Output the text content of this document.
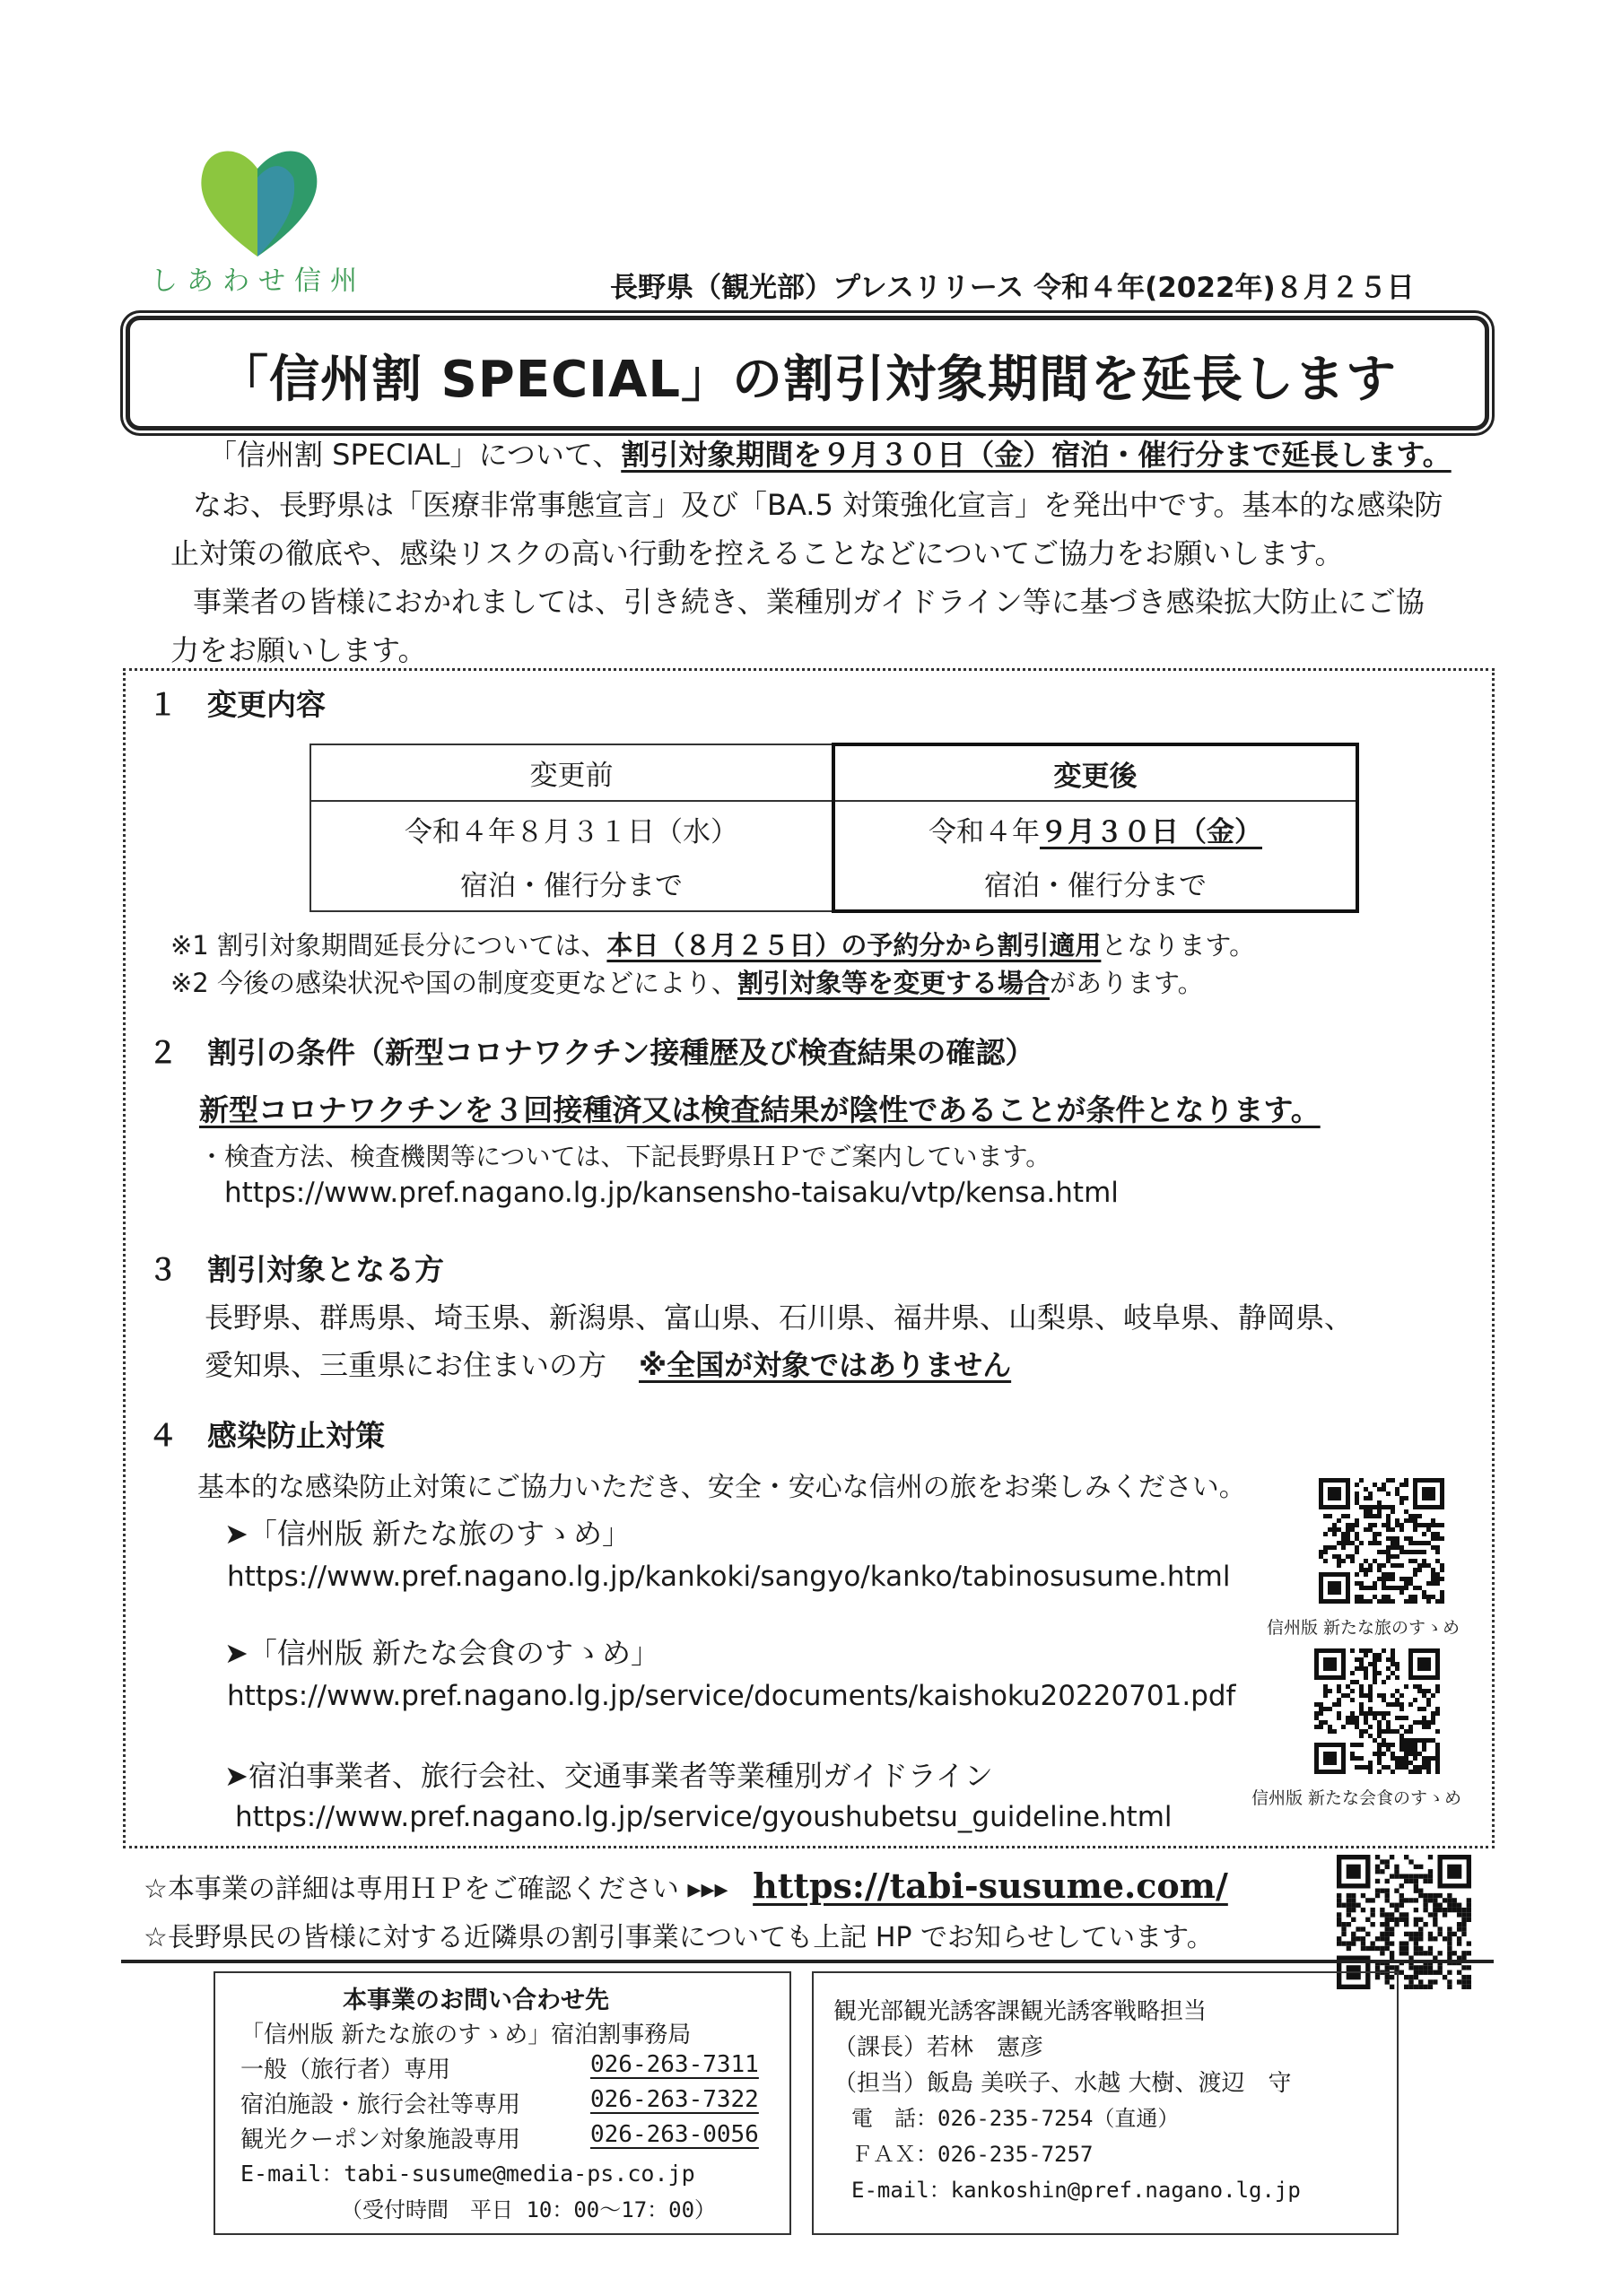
しあわせ信州	長野県（観光部）プレスリリース 令和４年(2022年)８月２５日
「信州割 SPECIAL」の割引対象期間を延長します
「信州割 SPECIAL」について、割引対象期間を９月３０日（金）宿泊・催行分まで延長します。
なお、長野県は「医療非常事態宣言」及び「BA.5 対策強化宣言」を発出中です。基本的な感染防
止対策の徹底や、感染リスクの高い行動を控えることなどについてご協力をお願いします。
事業者の皆様におかれましては、引き続き、業種別ガイドライン等に基づき感染拡大防止にご協
力をお願いします。
１　変更内容
変更前	変更後
令和４年８月３１日（水）	令和４年９月３０日（金）
宿泊・催行分まで	宿泊・催行分まで
※1 割引対象期間延長分については、本日（８月２５日）の予約分から割引適用となります。
※2 今後の感染状況や国の制度変更などにより、割引対象等を変更する場合があります。
２　割引の条件（新型コロナワクチン接種歴及び検査結果の確認）
新型コロナワクチンを３回接種済又は検査結果が陰性であることが条件となります。
・検査方法、検査機関等については、下記長野県ＨＰでご案内しています。
https://www.pref.nagano.lg.jp/kansensho-taisaku/vtp/kensa.html
３　割引対象となる方
長野県、群馬県、埼玉県、新潟県、富山県、石川県、福井県、山梨県、岐阜県、静岡県、
愛知県、三重県にお住まいの方 ※全国が対象ではありません
４　感染防止対策
基本的な感染防止対策にご協力いただき、安全・安心な信州の旅をお楽しみください。
➤「信州版 新たな旅のすゝめ」
https://www.pref.nagano.lg.jp/kankoki/sangyo/kanko/tabinosusume.html
➤「信州版 新たな会食のすゝめ」
https://www.pref.nagano.lg.jp/service/documents/kaishoku20220701.pdf
➤宿泊事業者、旅行会社、交通事業者等業種別ガイドライン
https://www.pref.nagano.lg.jp/service/gyoushubetsu_guideline.html
信州版 新たな旅のすゝめ
信州版 新たな会食のすゝめ
☆本事業の詳細は専用ＨＰをご確認ください ▸▸▸ https://tabi-susume.com/
☆長野県民の皆様に対する近隣県の割引事業についても上記 HP でお知らせしています。
本事業のお問い合わせ先
「信州版 新たな旅のすゝめ」宿泊割事務局
一般（旅行者）専用	026-263-7311
宿泊施設・旅行会社等専用	026-263-7322
観光クーポン対象施設専用	026-263-0056
E-mail：tabi-susume@media-ps.co.jp
（受付時間　平日 10：00〜17：00）
観光部観光誘客課観光誘客戦略担当
（課長）若林　憲彦
（担当）飯島 美咲子、水越 大樹、渡辺　守
電　話：026-235-7254（直通）
ＦＡＸ：026-235-7257
E-mail：kankoshin@pref.nagano.lg.jp
